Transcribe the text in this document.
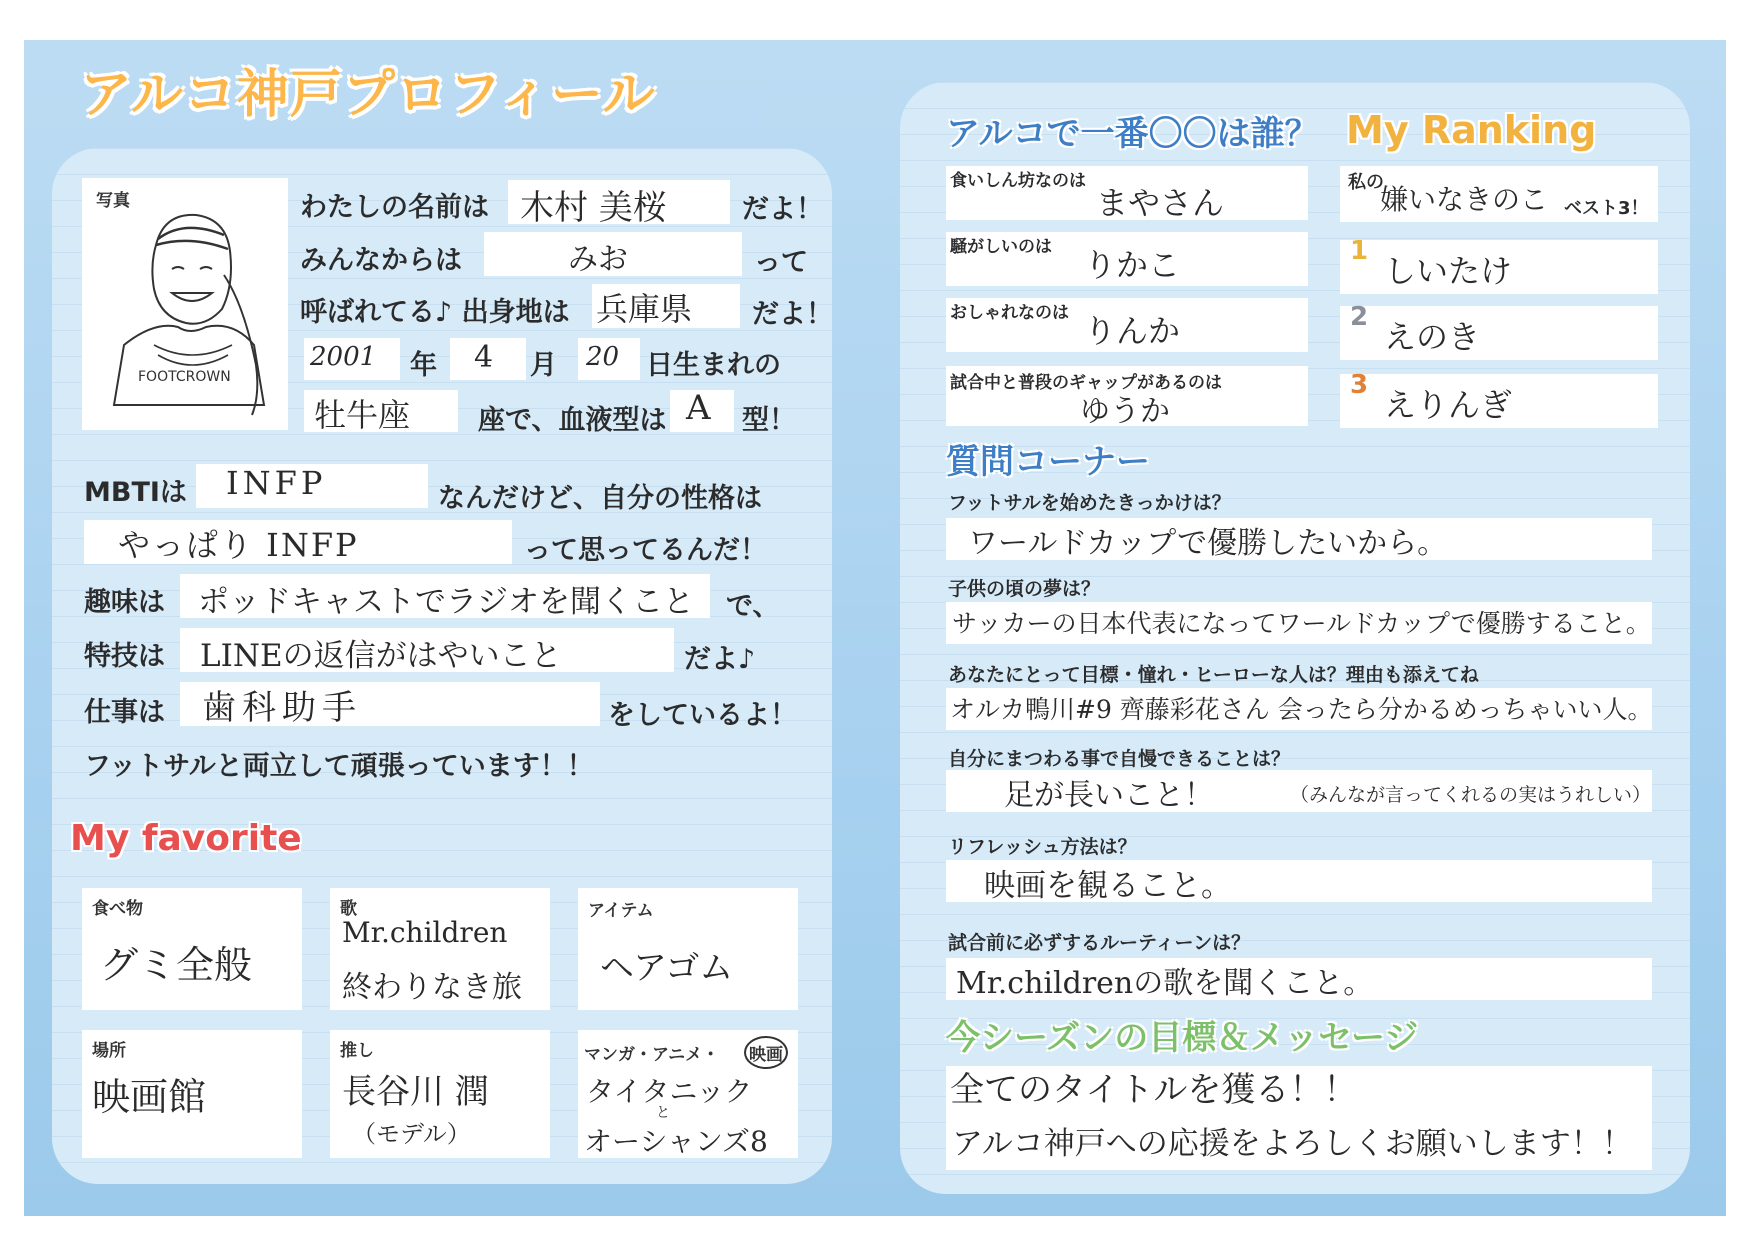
アルコ神戸プロフィール
写真
FOOTCROWN
わたしの名前は 木村 美桜	だよ！
みんなからは	みお	って
呼ばれてる♪ 出身地は 兵庫県 だよ！
2001 年 4 月 20 日生まれの
牡牛座	座で、血液型は A 型！
MBTIは INFP	なんだけど、自分の性格は
やっぱり INFP	って思ってるんだ！
趣味は ポッドキャストでラジオを聞くこと で、
特技は LINEの返信がはやいこと	だよ♪
仕事は 歯科助手	をしているよ！
フットサルと両立して頑張っています！！
My favorite
食べ物
グミ全般
歌
Mr.children
終わりなき旅
アイテム
ヘアゴム
場所
映画館
推し
長谷川 潤
（モデル）
マンガ・アニメ・ 映画
タイタニック
と
オーシャンズ8
アルコで一番〇〇は誰？ My Ranking
食いしん坊なのは
まやさん
騒がしいのは りかこ
おしゃれなのは りんか
試合中と普段のギャップがあるのは
ゆうか
私の
嫌いなきのこ ベスト3！
1
しいたけ
2
えのき
3
えりんぎ
質問コーナー
フットサルを始めたきっかけは？
ワールドカップで優勝したいから。
子供の頃の夢は？
サッカーの日本代表になってワールドカップで優勝すること。
あなたにとって目標・憧れ・ヒーローな人は？理由も添えてね
オルカ鴨川#9 齊藤彩花さん 会ったら分かるめっちゃいい人。
自分にまつわる事で自慢できることは？
足が長いこと！	（みんなが言ってくれるの実はうれしい）
リフレッシュ方法は？
映画を観ること。
試合前に必ずするルーティーンは？
Mr.childrenの歌を聞くこと。
今シーズンの目標＆メッセージ
全てのタイトルを獲る！！
アルコ神戸への応援をよろしくお願いします！！
